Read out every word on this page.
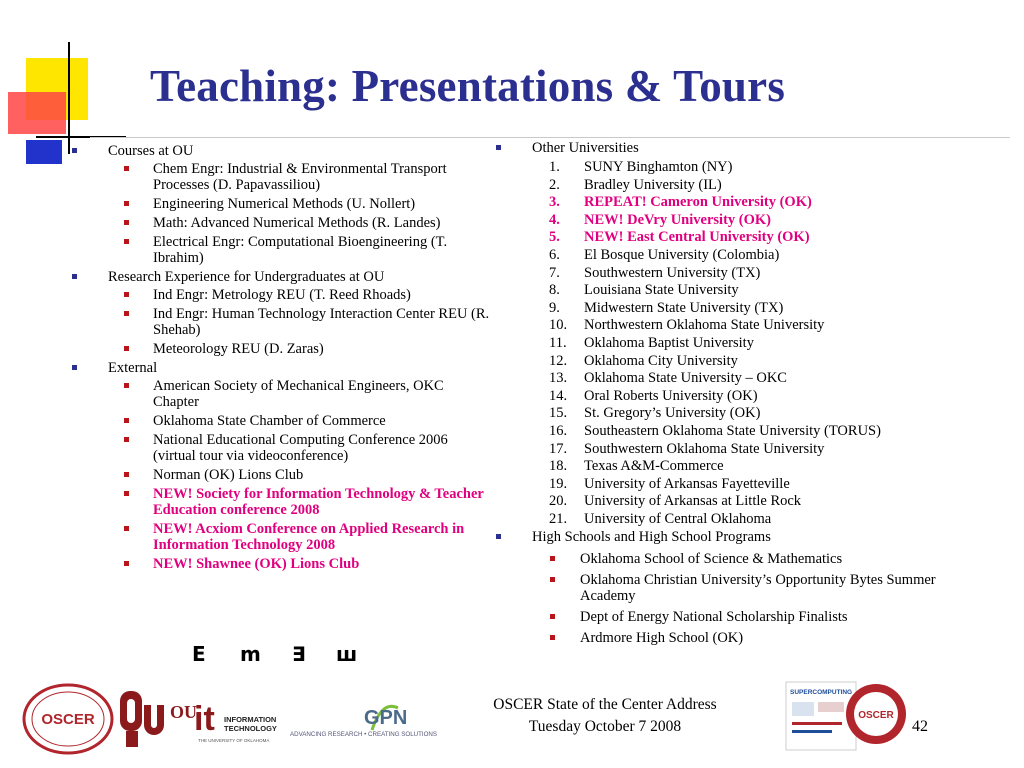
Teaching: Presentations & Tours
Courses at OU
Chem Engr: Industrial & Environmental Transport Processes (D. Papavassiliou)
Engineering Numerical Methods (U. Nollert)
Math: Advanced Numerical Methods (R. Landes)
Electrical Engr: Computational Bioengineering (T. Ibrahim)
Research Experience for Undergraduates at OU
Ind Engr: Metrology REU (T. Reed Rhoads)
Ind Engr: Human Technology Interaction Center REU (R. Shehab)
Meteorology REU (D. Zaras)
External
American Society of Mechanical Engineers, OKC Chapter
Oklahoma State Chamber of Commerce
National Educational Computing Conference 2006 (virtual tour via videoconference)
Norman (OK) Lions Club
NEW! Society for Information Technology & Teacher Education conference 2008
NEW! Acxiom Conference on Applied Research in Information Technology 2008
NEW! Shawnee (OK) Lions Club
Other Universities
1. SUNY Binghamton (NY)
2. Bradley University (IL)
3. REPEAT! Cameron University (OK)
4. NEW! DeVry University (OK)
5. NEW! East Central University (OK)
6. El Bosque University (Colombia)
7. Southwestern University (TX)
8. Louisiana State University
9. Midwestern State University (TX)
10. Northwestern Oklahoma State University
11. Oklahoma Baptist University
12. Oklahoma City University
13. Oklahoma State University – OKC
14. Oral Roberts University (OK)
15. St. Gregory’s University (OK)
16. Southeastern Oklahoma State University (TORUS)
17. Southwestern Oklahoma State University
18. Texas A&M-Commerce
19. University of Arkansas Fayetteville
20. University of Arkansas at Little Rock
21. University of Central Oklahoma
High Schools and High School Programs
Oklahoma School of Science & Mathematics
Oklahoma Christian University’s Opportunity Bytes Summer Academy
Dept of Energy National Scholarship Finalists
Ardmore High School (OK)
E m ∃ ш
OSCER	OU
it INFORMATION
TECHNOLOGY
THE UNIVERSITY OF OKLAHOMA
GPN
ADVANCING RESEARCH • CREATING SOLUTIONS
OSCER State of the Center Address
Tuesday October 7 2008
SUPERCOMPUTING
OSCER
42
